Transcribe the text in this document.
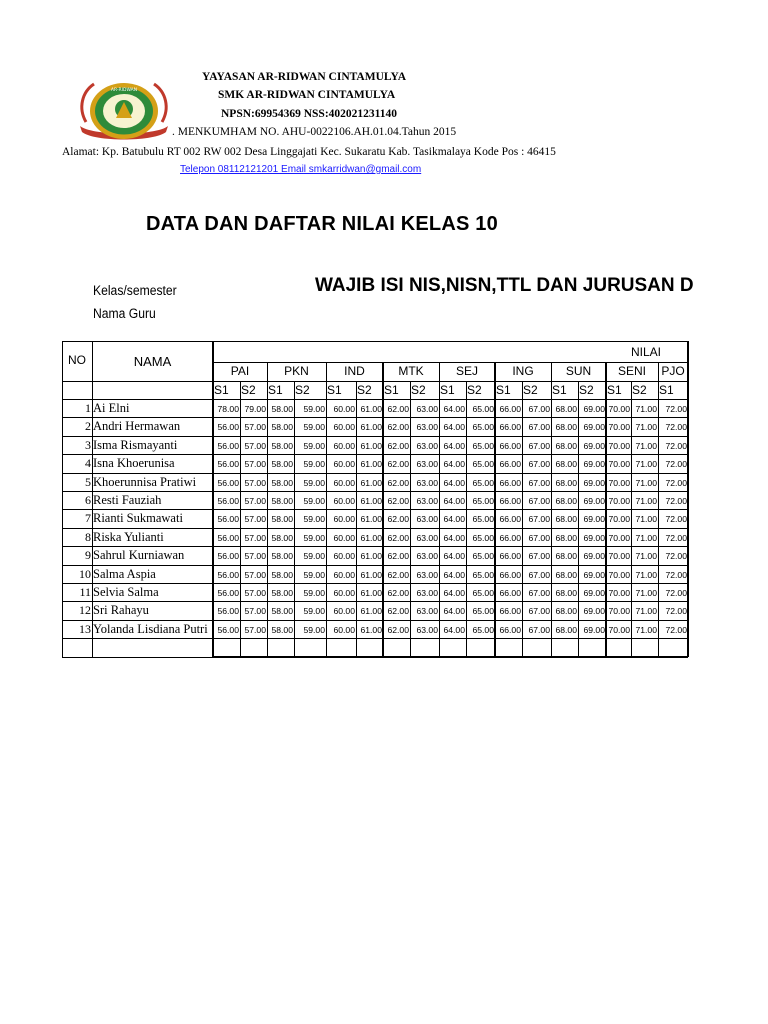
AR-RIDWAN
YAYASAN AR-RIDWAN CINTAMULYA
SMK AR-RIDWAN CINTAMULYA
NPSN:69954369 NSS:402021231140
. MENKUMHAM NO. AHU-0022106.AH.01.04.Tahun 2015
Alamat: Kp. Batubulu RT 002 RW 002 Desa Linggajati Kec. Sukaratu Kab. Tasikmalaya Kode Pos : 46415
Telepon 08112121201 Email smkarridwan@gmail.com
DATA DAN DAFTAR NILAI KELAS 10
WAJIB ISI NIS,NISN,TTL DAN JURUSAN D
Kelas/semester
Nama Guru
NO	NAMA
NILAI
PAI	PKN	IND	MTK	SEJ	ING	SUN	SENI	PJO
S1	S2	S1	S2	S1	S2	S1	S2	S1	S2	S1	S2	S1	S2	S1 S2	S1
1 Ai Elni	78.00 79.00 58.00	59.00 60.00 61.00 62.00 63.00 64.00 65.00 66.00 67.00 68.00 69.00 70.00 71.00 72.00
2 Andri Hermawan	56.00 57.00 58.00	59.00 60.00 61.00 62.00 63.00 64.00 65.00 66.00 67.00 68.00 69.00 70.00 71.00 72.00
3 Isma Rismayanti	56.00 57.00 58.00	59.00 60.00 61.00 62.00 63.00 64.00 65.00 66.00 67.00 68.00 69.00 70.00 71.00 72.00
4 Isna Khoerunisa	56.00 57.00 58.00	59.00 60.00 61.00 62.00 63.00 64.00 65.00 66.00 67.00 68.00 69.00 70.00 71.00 72.00
5 Khoerunnisa Pratiwi	56.00 57.00 58.00	59.00 60.00 61.00 62.00 63.00 64.00 65.00 66.00 67.00 68.00 69.00 70.00 71.00 72.00
6 Resti Fauziah	56.00 57.00 58.00	59.00 60.00 61.00 62.00 63.00 64.00 65.00 66.00 67.00 68.00 69.00 70.00 71.00 72.00
7 Rianti Sukmawati	56.00 57.00 58.00	59.00 60.00 61.00 62.00 63.00 64.00 65.00 66.00 67.00 68.00 69.00 70.00 71.00 72.00
8 Riska Yulianti	56.00 57.00 58.00	59.00 60.00 61.00 62.00 63.00 64.00 65.00 66.00 67.00 68.00 69.00 70.00 71.00 72.00
9 Sahrul Kurniawan	56.00 57.00 58.00	59.00 60.00 61.00 62.00 63.00 64.00 65.00 66.00 67.00 68.00 69.00 70.00 71.00 72.00
10 Salma Aspia	56.00 57.00 58.00	59.00 60.00 61.00 62.00 63.00 64.00 65.00 66.00 67.00 68.00 69.00 70.00 71.00 72.00
11 Selvia Salma	56.00 57.00 58.00	59.00 60.00 61.00 62.00 63.00 64.00 65.00 66.00 67.00 68.00 69.00 70.00 71.00 72.00
12 Sri Rahayu	56.00 57.00 58.00	59.00 60.00 61.00 62.00 63.00 64.00 65.00 66.00 67.00 68.00 69.00 70.00 71.00 72.00
13 Yolanda Lisdiana Putri	56.00 57.00 58.00	59.00 60.00 61.00 62.00 63.00 64.00 65.00 66.00 67.00 68.00 69.00 70.00 71.00 72.00
